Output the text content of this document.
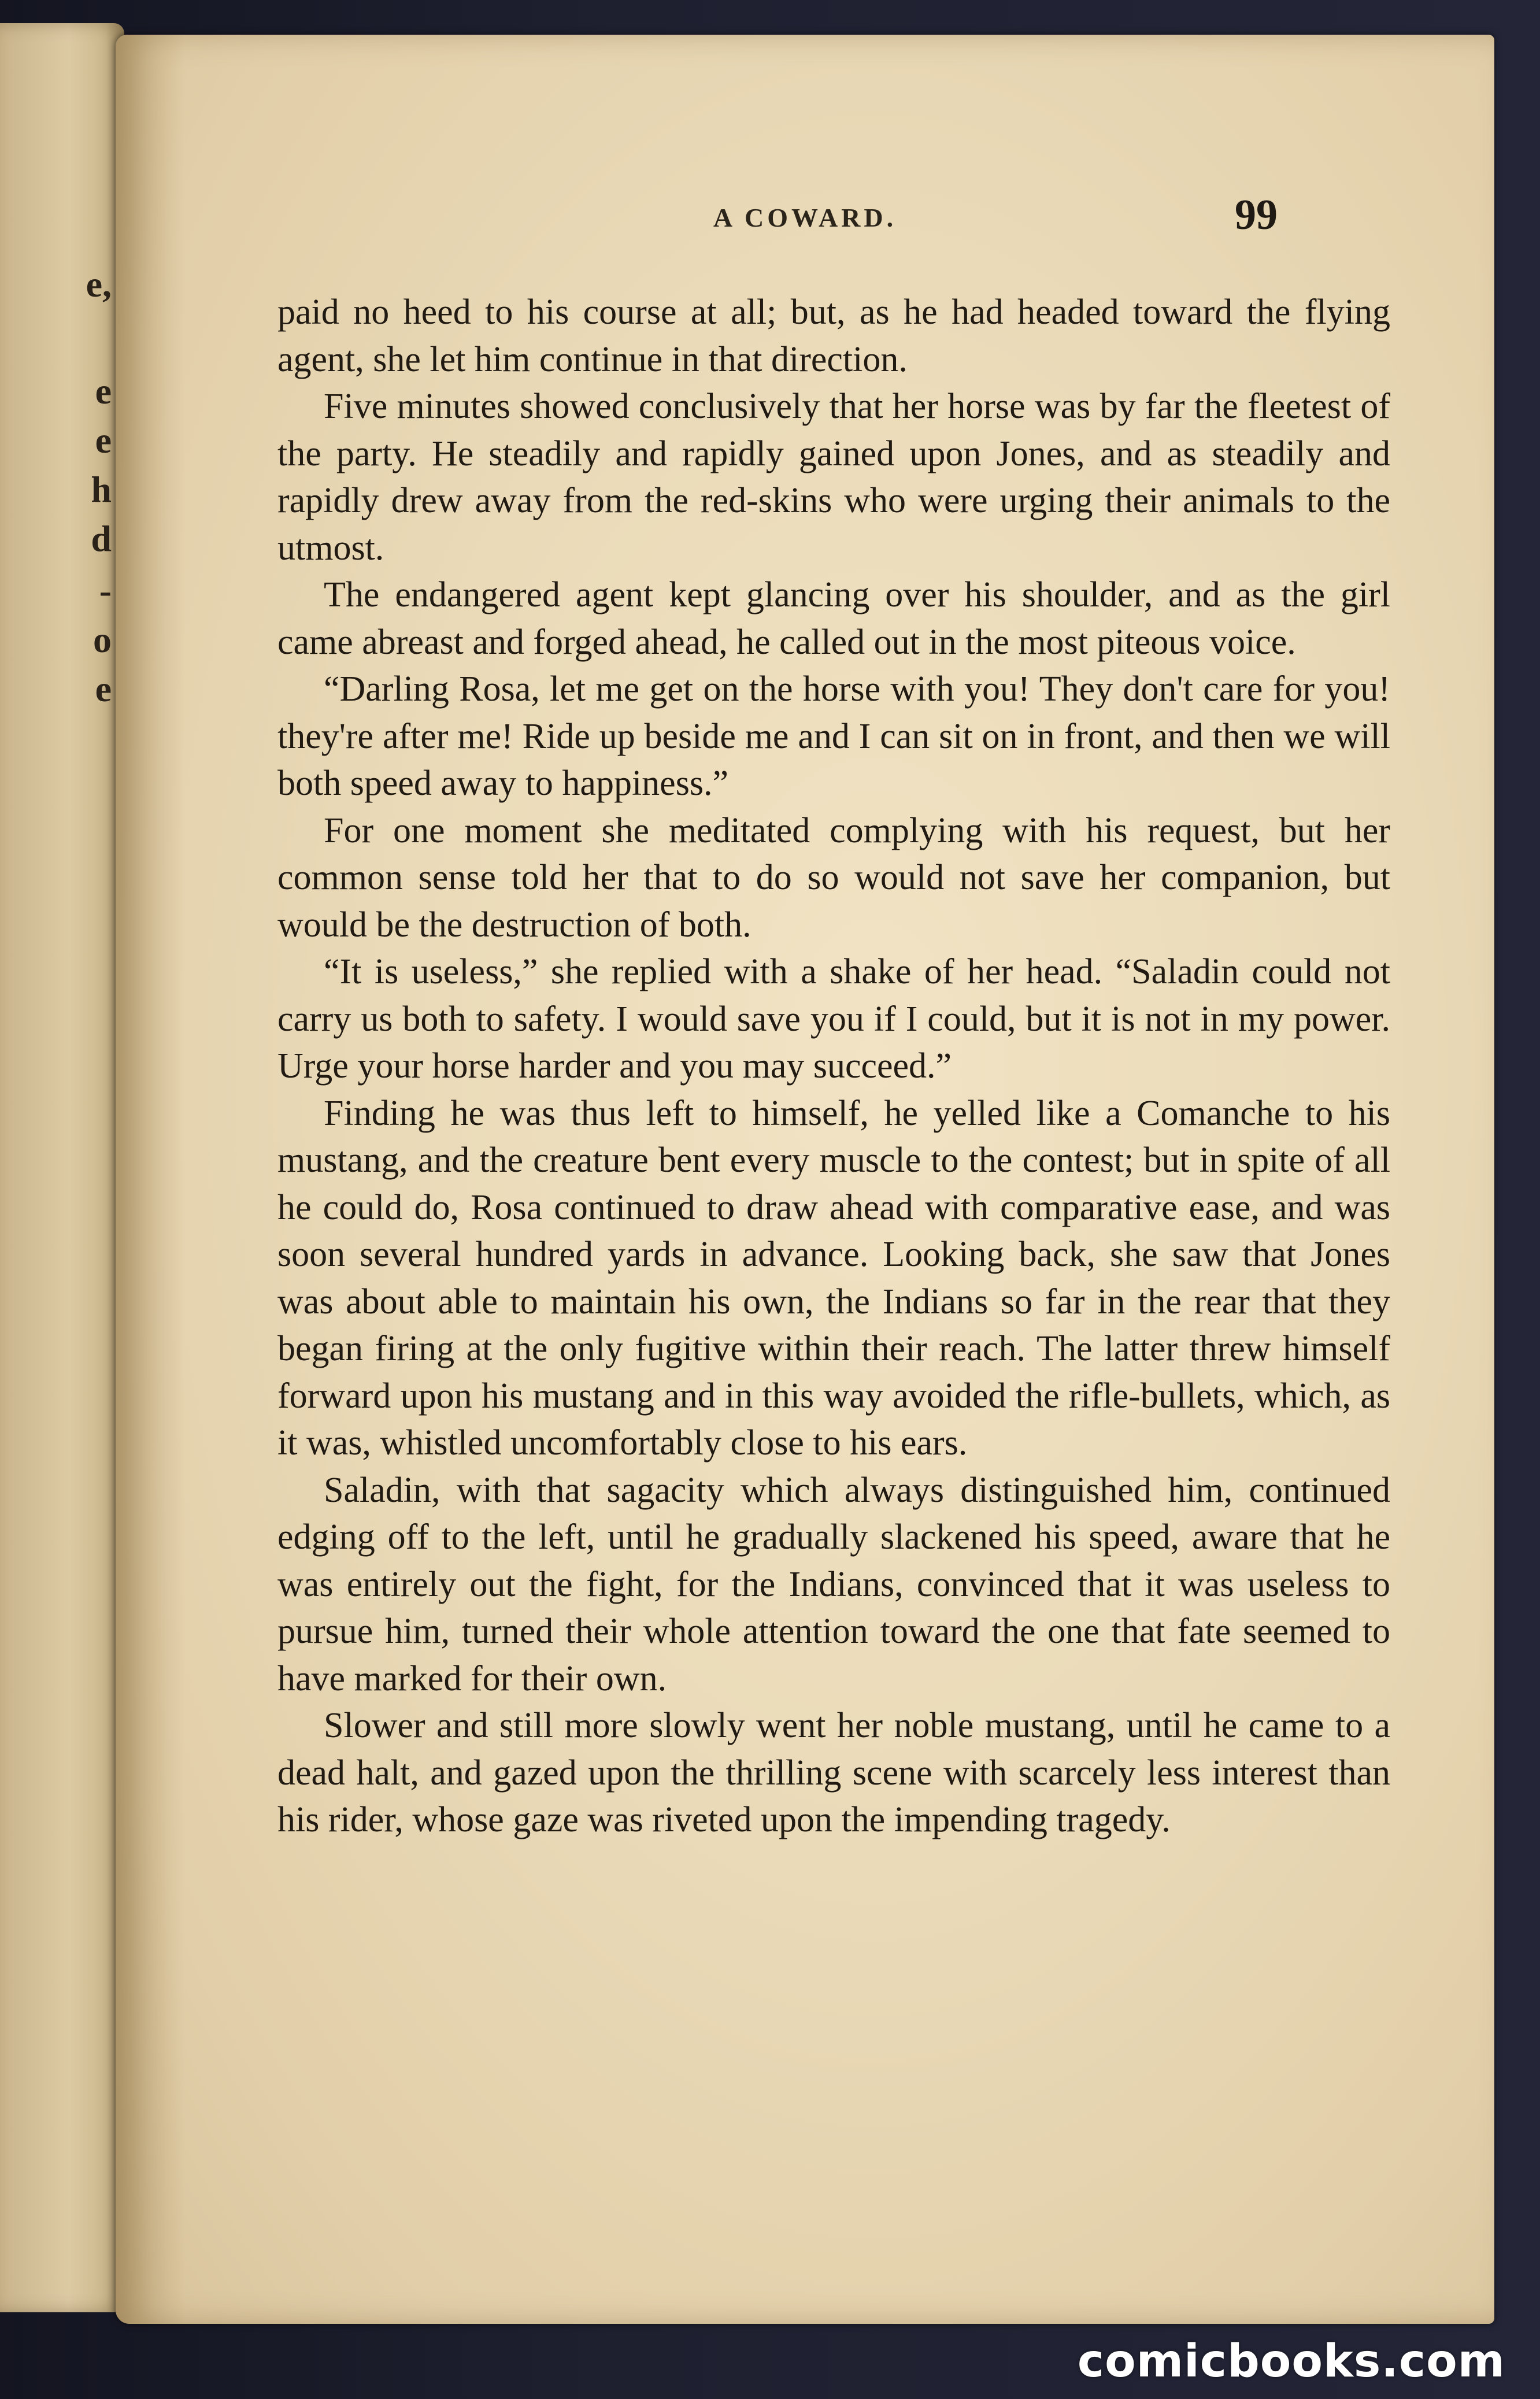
e,
e
e
h
d
-
o
e
A COWARD.	99

paid no heed to his course at all; but, as he had headed toward the flying agent, she let him continue in that direction.

Five minutes showed conclusively that her horse was by far the fleetest of the party. He steadily and rapidly gained upon Jones, and as steadily and rapidly drew away from the red-skins who were urging their animals to the utmost.

The endangered agent kept glancing over his shoulder, and as the girl came abreast and forged ahead, he called out in the most piteous voice.

“Darling Rosa, let me get on the horse with you! They don't care for you! they're after me! Ride up beside me and I can sit on in front, and then we will both speed away to happiness.”

For one moment she meditated complying with his request, but her common sense told her that to do so would not save her companion, but would be the destruction of both.

“It is useless,” she replied with a shake of her head. “Saladin could not carry us both to safety. I would save you if I could, but it is not in my power. Urge your horse harder and you may succeed.”

Finding he was thus left to himself, he yelled like a Comanche to his mustang, and the creature bent every muscle to the contest; but in spite of all he could do, Rosa continued to draw ahead with comparative ease, and was soon several hundred yards in advance. Looking back, she saw that Jones was about able to maintain his own, the Indians so far in the rear that they began firing at the only fugitive within their reach. The latter threw himself forward upon his mustang and in this way avoided the rifle-bullets, which, as it was, whistled uncomfortably close to his ears.

Saladin, with that sagacity which always distinguished him, continued edging off to the left, until he gradually slackened his speed, aware that he was entirely out the fight, for the Indians, convinced that it was useless to pursue him, turned their whole attention toward the one that fate seemed to have marked for their own.

Slower and still more slowly went her noble mustang, until he came to a dead halt, and gazed upon the thrilling scene with scarcely less interest than his rider, whose gaze was riveted upon the impending tragedy.

comicbooks.com
